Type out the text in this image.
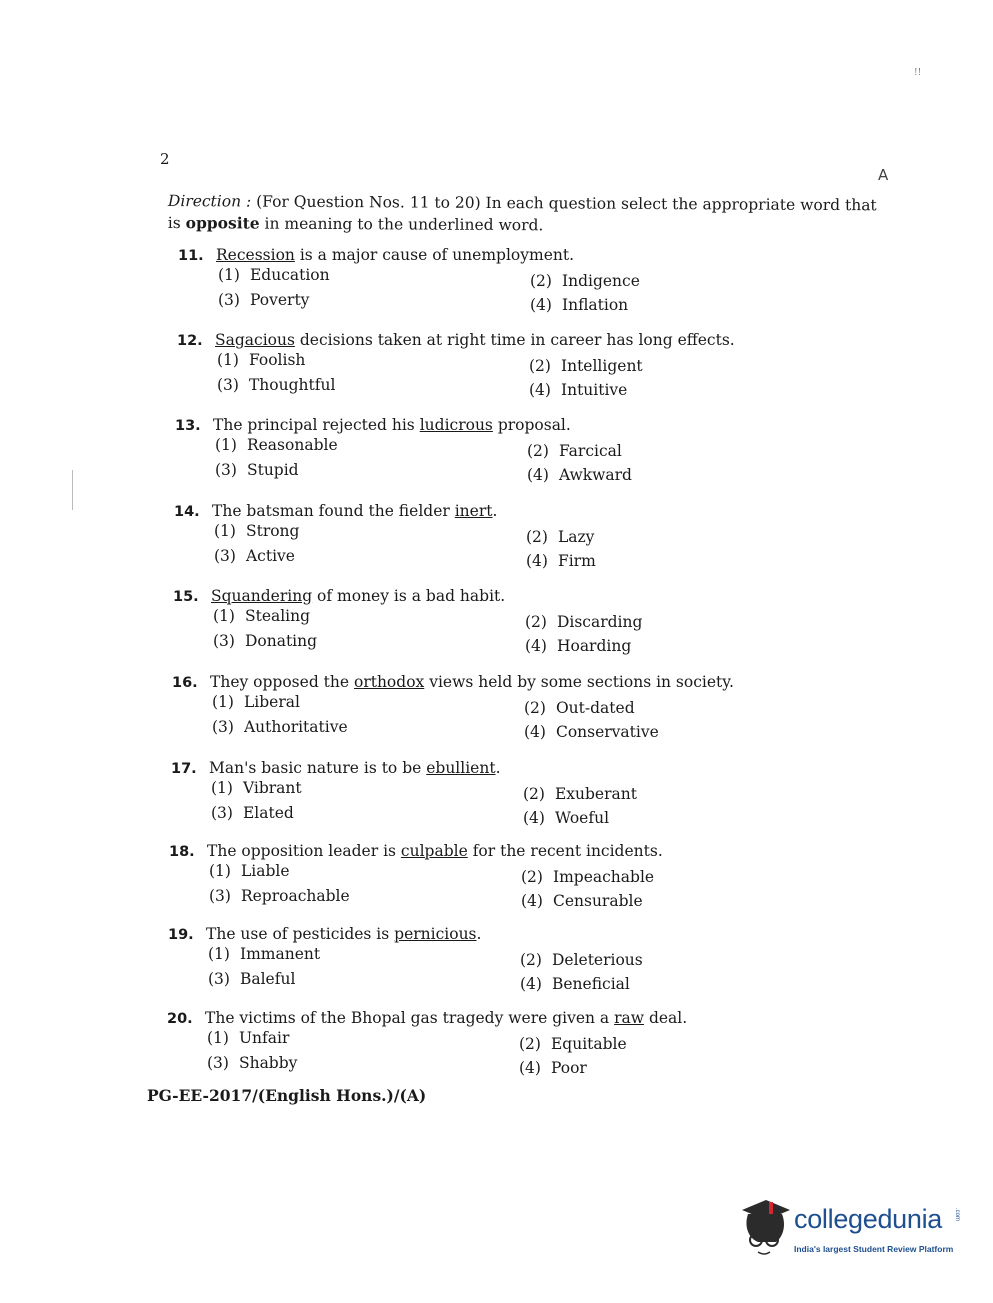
!!
2
A
Direction : (For Question Nos. 11 to 20) In each question select the appropriate word that is opposite in meaning to the underlined word.
11. Recession is a major cause of unemployment.
(1) Education	(2) Indigence
(3) Poverty	(4) Inflation
12. Sagacious decisions taken at right time in career has long effects.
(1) Foolish	(2) Intelligent
(3) Thoughtful	(4) Intuitive
13. The principal rejected his ludicrous proposal.
(1) Reasonable	(2) Farcical
(3) Stupid	(4) Awkward
14. The batsman found the fielder inert.
(1) Strong	(2) Lazy
(3) Active	(4) Firm
15. Squandering of money is a bad habit.
(1) Stealing	(2) Discarding
(3) Donating	(4) Hoarding
16. They opposed the orthodox views held by some sections in society.
(1) Liberal	(2) Out-dated
(3) Authoritative	(4) Conservative
17. Man's basic nature is to be ebullient.
(1) Vibrant	(2) Exuberant
(3) Elated	(4) Woeful
18. The opposition leader is culpable for the recent incidents.
(1) Liable	(2) Impeachable
(3) Reproachable	(4) Censurable
19. The use of pesticides is pernicious.
(1) Immanent	(2) Deleterious
(3) Baleful	(4) Beneficial
20. The victims of the Bhopal gas tragedy were given a raw deal.
(1) Unfair	(2) Equitable
(3) Shabby	(4) Poor
PG-EE-2017/(English Hons.)/(A)
collegedunia .com
India's largest Student Review Platform
